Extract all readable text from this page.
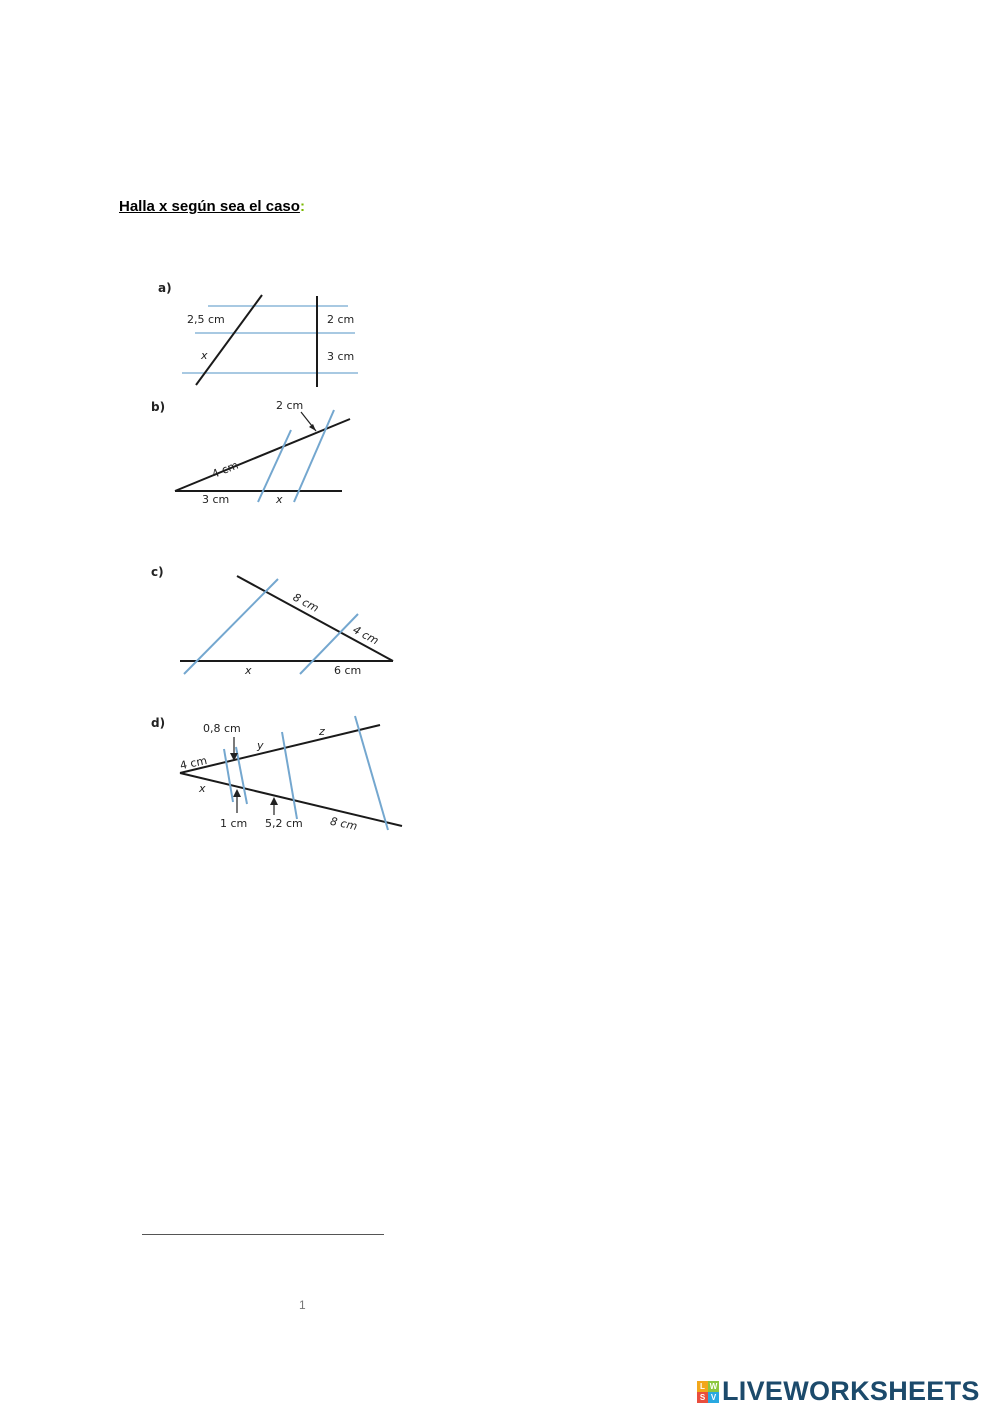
Halla x según sea el caso:
a)
2,5 cm	2 cm
x	3 cm
b)	2 cm
4 cm
3 cm	x
c)
8 cm
4 cm
x	6 cm
d)	0,8 cm
y
z
4 cm
x
1 cm 5,2 cm 8 cm
1
L W
S V LIVEWORKSHEETS
